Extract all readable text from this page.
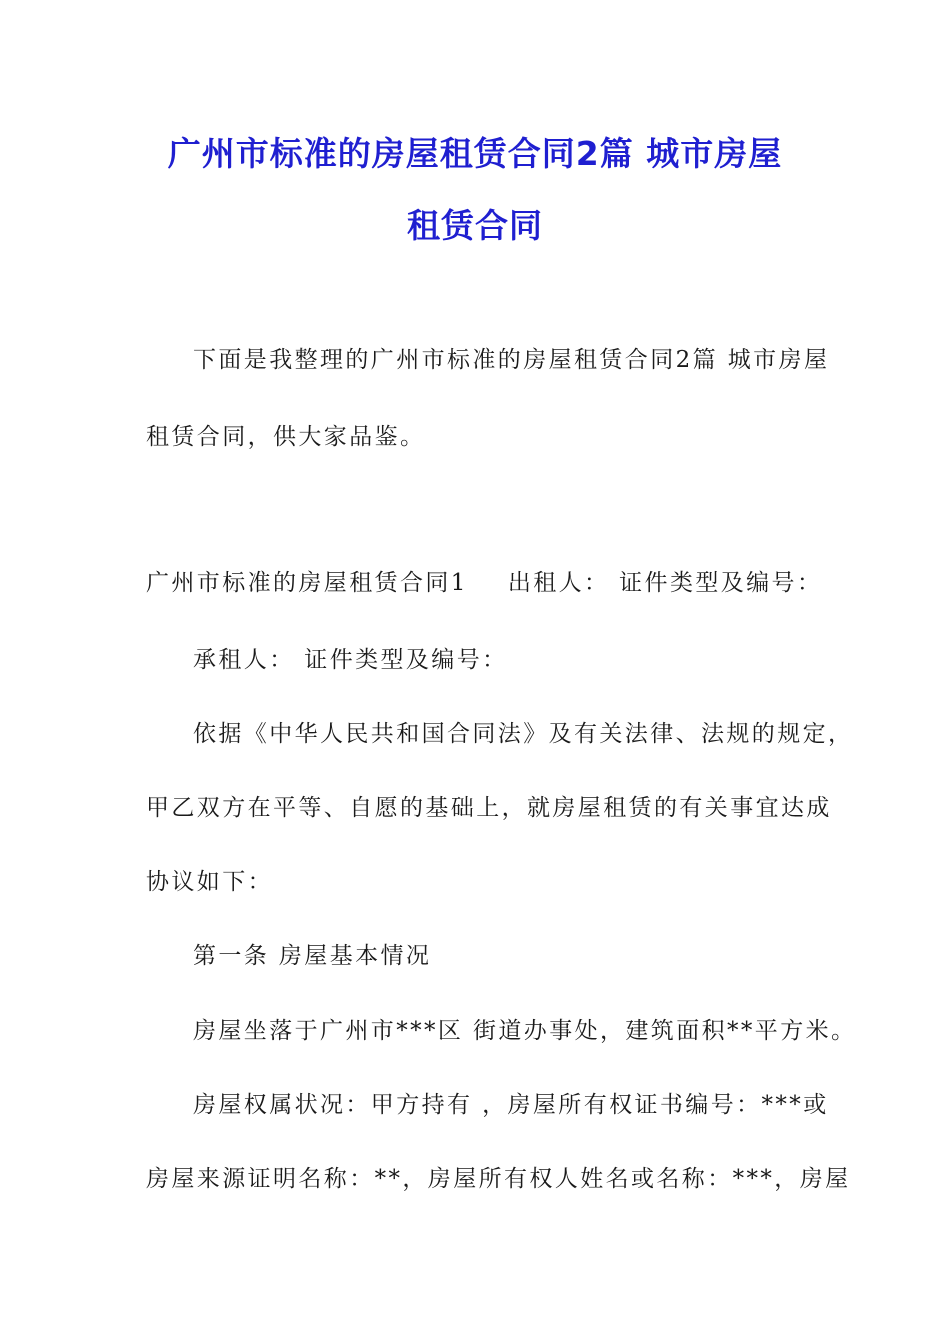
广州市标准的房屋租赁合同2篇 城市房屋
租赁合同

下面是我整理的广州市标准的房屋租赁合同2篇 城市房屋

租赁合同，供大家品鉴。

广州市标准的房屋租赁合同1 出租人： 证件类型及编号：

承租人： 证件类型及编号：

依据《中华人民共和国合同法》及有关法律、法规的规定，

甲乙双方在平等、自愿的基础上，就房屋租赁的有关事宜达成

协议如下：

第一条 房屋基本情况

房屋坐落于广州市***区 街道办事处，建筑面积**平方米。

房屋权属状况：甲方持有 ，房屋所有权证书编号：***或

房屋来源证明名称：**，房屋所有权人姓名或名称：***，房屋
